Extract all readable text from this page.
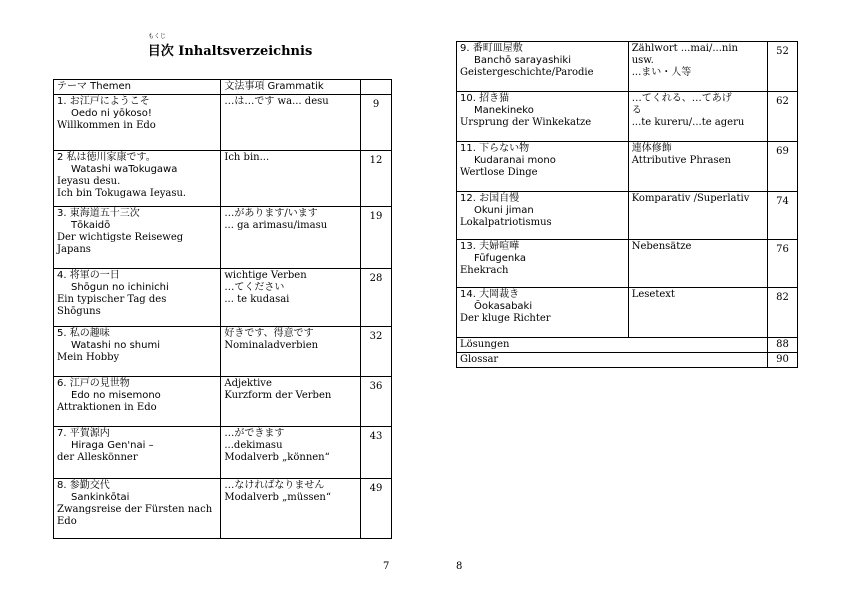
もくじ
目次 Inhaltsverzeichnis
テーマ Themen	文法事項 Grammatik	

1. お江戸にようこそ
Oedo ni yōkoso!
Willkommen in Edo	…は…です wa... desu	9

2 私は徳川家康です。
Watashi waTokugawa
Ieyasu desu.
Ich bin Tokugawa Ieyasu.	Ich bin...	12

3. 東海道五十三次
Tōkaidō
Der wichtigste Reiseweg
Japans	…があります/います
... ga arimasu/imasu	19

4. 将軍の一日
Shōgun no ichinichi
Ein typischer Tag des
Shōguns	wichtige Verben
…てください
... te kudasai	28

5. 私の趣味
Watashi no shumi
Mein Hobby	好きです、得意です
Nominaladverbien	32

6. 江戸の見世物
Edo no misemono
Attraktionen in Edo	Adjektive
Kurzform der Verben	36

7. 平賀源内
Hiraga Gen'nai –
der Alleskönner	…ができます
...dekimasu
Modalverb „können“	43

8. 参勤交代
Sankinkōtai
Zwangsreise der Fürsten nach
Edo	…なければなりません
Modalverb „müssen“	49
9. 番町皿屋敷
Banchō sarayashiki
Geistergeschichte/Parodie	Zählwort ...mai/...nin
usw.
...まい・人等	52

10. 招き猫
Manekineko
Ursprung der Winkekatze	…てくれる、…てあげ
る
...te kureru/...te ageru	62

11. 下らない物
Kudaranai mono
Wertlose Dinge	連体修飾
Attributive Phrasen	69

12. お国自慢
Okuni jiman
Lokalpatriotismus	Komparativ /Superlativ	74

13. 夫婦喧嘩
Fūfugenka
Ehekrach	Nebensätze	76

14. 大岡裁き
Ōokasabaki
Der kluge Richter	Lesetext	82
Lösungen		88
Glossar		90
7	8
